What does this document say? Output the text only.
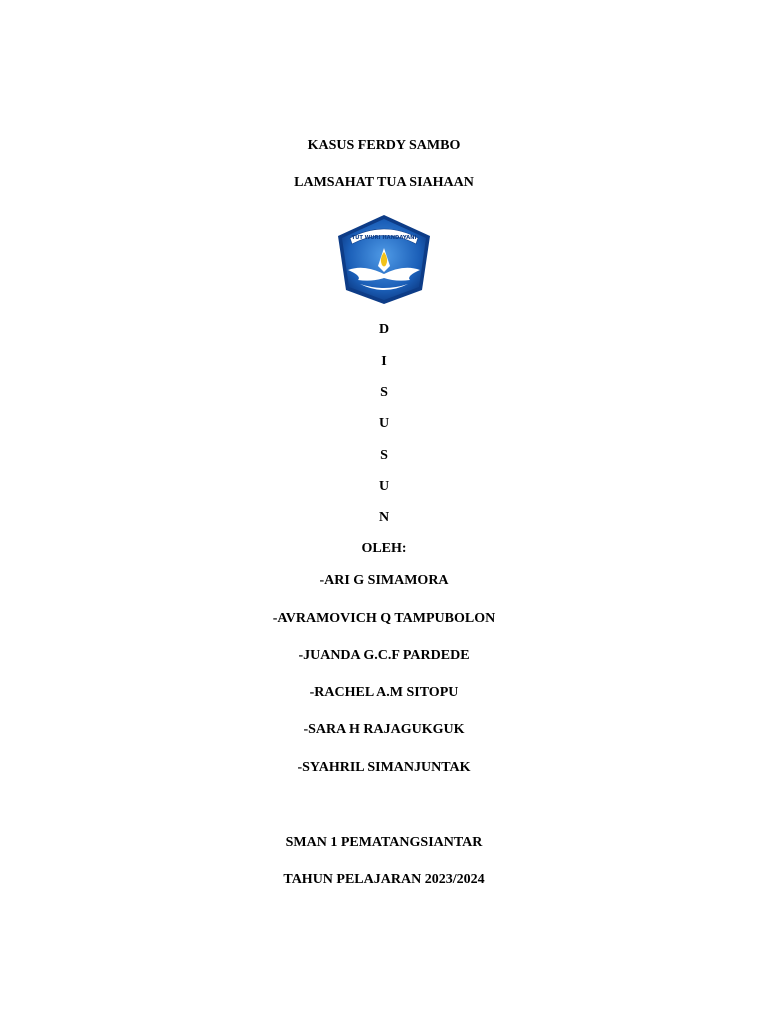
KASUS FERDY SAMBO
LAMSAHAT TUA SIAHAAN
TUT WURI HANDAYANI
D
I
S
U
S
U
N
OLEH:
-ARI G SIMAMORA
-AVRAMOVICH Q TAMPUBOLON
-JUANDA G.C.F PARDEDE
-RACHEL A.M SITOPU
-SARA H RAJAGUKGUK
-SYAHRIL SIMANJUNTAK
SMAN 1 PEMATANGSIANTAR
TAHUN PELAJARAN 2023/2024
